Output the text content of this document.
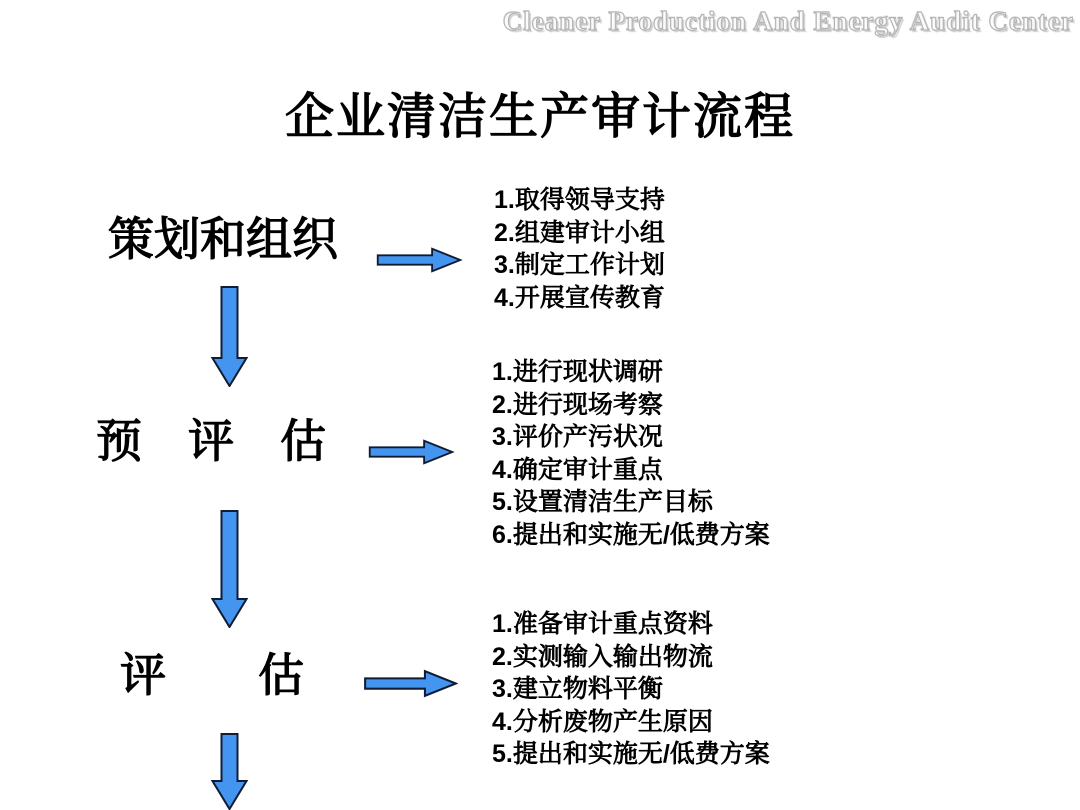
Cleaner Production And Energy Audit Center
企业清洁生产审计流程
策划和组织
1.取得领导支持
2.组建审计小组
3.制定工作计划
4.开展宣传教育
预　评　估
1.进行现状调研
2.进行现场考察
3.评价产污状况
4.确定审计重点
5.设置清洁生产目标
6.提出和实施无/低费方案
评　　估
1.准备审计重点资料
2.实测输入输出物流
3.建立物料平衡
4.分析废物产生原因
5.提出和实施无/低费方案
